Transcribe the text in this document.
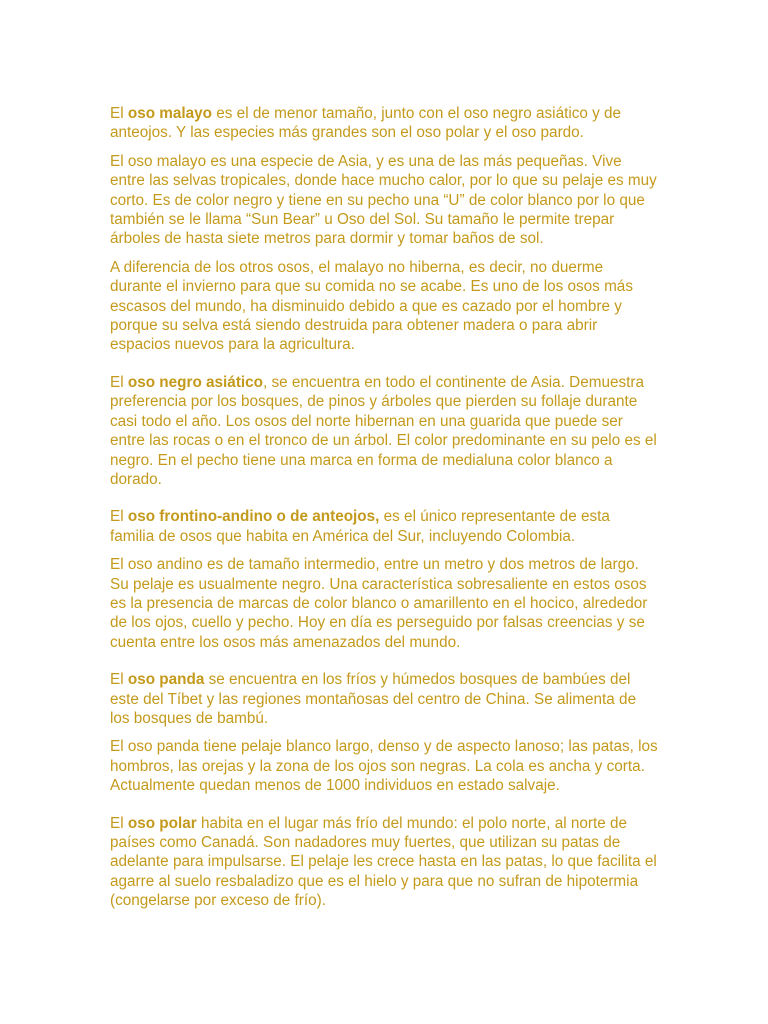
El oso malayo es el de menor tamaño, junto con el oso negro asiático y de anteojos. Y las especies más grandes son el oso polar y el oso pardo.

El oso malayo es una especie de Asia, y es una de las más pequeñas. Vive entre las selvas tropicales, donde hace mucho calor, por lo que su pelaje es muy corto. Es de color negro y tiene en su pecho una “U” de color blanco por lo que también se le llama “Sun Bear” u Oso del Sol. Su tamaño le permite trepar árboles de hasta siete metros para dormir y tomar baños de sol.

A diferencia de los otros osos, el malayo no hiberna, es decir, no duerme durante el invierno para que su comida no se acabe. Es uno de los osos más escasos del mundo, ha disminuido debido a que es cazado por el hombre y porque su selva está siendo destruida para obtener madera o para abrir espacios nuevos para la agricultura.

El oso negro asiático, se encuentra en todo el continente de Asia. Demuestra preferencia por los bosques, de pinos y árboles que pierden su follaje durante casi todo el año. Los osos del norte hibernan en una guarida que puede ser entre las rocas o en el tronco de un árbol. El color predominante en su pelo es el negro. En el pecho tiene una marca en forma de medialuna color blanco a dorado.

El oso frontino-andino o de anteojos, es el único representante de esta familia de osos que habita en América del Sur, incluyendo Colombia.

El oso andino es de tamaño intermedio, entre un metro y dos metros de largo. Su pelaje es usualmente negro. Una característica sobresaliente en estos osos es la presencia de marcas de color blanco o amarillento en el hocico, alrededor de los ojos, cuello y pecho. Hoy en día es perseguido por falsas creencias y se cuenta entre los osos más amenazados del mundo.

El oso panda se encuentra en los fríos y húmedos bosques de bambúes del este del Tíbet y las regiones montañosas del centro de China. Se alimenta de los bosques de bambú.

El oso panda tiene pelaje blanco largo, denso y de aspecto lanoso; las patas, los hombros, las orejas y la zona de los ojos son negras. La cola es ancha y corta. Actualmente quedan menos de 1000 individuos en estado salvaje.

El oso polar habita en el lugar más frío del mundo: el polo norte, al norte de países como Canadá. Son nadadores muy fuertes, que utilizan su patas de adelante para impulsarse. El pelaje les crece hasta en las patas, lo que facilita el agarre al suelo resbaladizo que es el hielo y para que no sufran de hipotermia (congelarse por exceso de frío).
